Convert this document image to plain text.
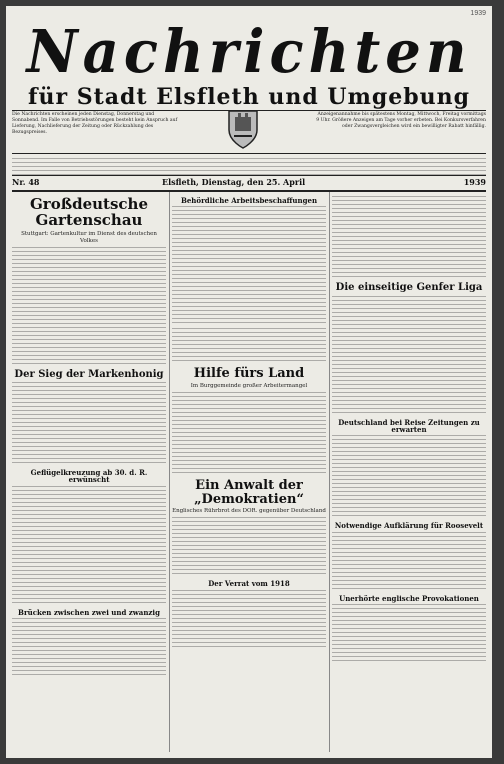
1939
Nachrichten
für Stadt Elsfleth und Umgebung
Die Nachrichten erscheinen jeden Dienstag, Donnerstag und Sonnabend. Im Falle von Betriebsstörungen besteht kein Anspruch auf Lieferung, Nachlieferung der Zeitung oder Rückzahlung des Bezugspreises.
Anzeigenannahme bis spätestens Montag, Mittwoch, Freitag vormittags 9 Uhr. Größere Anzeigen am Tage vorher erbeten. Bei Konkursverfahren oder Zwangsvergleichen wird ein bewilligter Rabatt hinfällig.
Nr. 48	Elsfleth, Dienstag, den 25. April	1939
Großdeutsche Gartenschau
Stuttgart: Gartenkultur im Dienst des deutschen Volkes
Der Sieg der Markenhonig
Geflügelkreuzung ab 30. d. R. erwünscht
Brücken zwischen zwei und zwanzig
Behördliche Arbeitsbeschaffungen
Hilfe fürs Land
Im Burggemeinde großer Arbeitermangel
Ein Anwalt der „Demokratien“
Englisches Rührbrot des DOR. gegenüber Deutschland
Der Verrat vom 1918
Die einseitige Genfer Liga
Deutschland bei Reise Zeitungen zu erwarten
Notwendige Aufklärung für Roosevelt
Unerhörte englische Provokationen
